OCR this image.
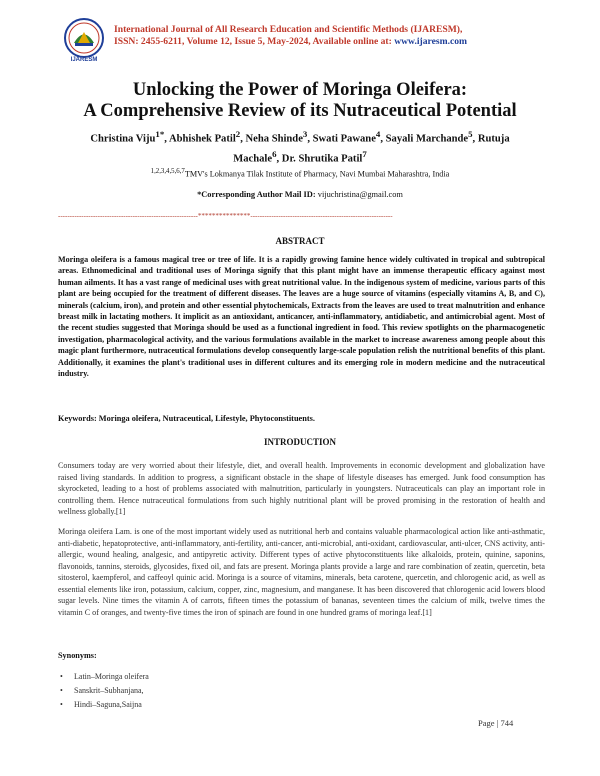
IJARESM
International Journal of All Research Education and Scientific Methods (IJARESM),
ISSN: 2455-6211, Volume 12, Issue 5, May-2024, Available online at: www.ijaresm.com
Unlocking the Power of Moringa Oleifera:
A Comprehensive Review of its Nutraceutical Potential
Christina Viju$^{1*}$, Abhishek Patil$^2$, Neha Shinde$^3$, Swati Pawane$^4$, Sayali Marchande$^5$, Rutuja Machale$^6$, Dr. Shrutika Patil$^7$
$^{1,2,3,4,5,6,7}$TMV's Lokmanya Tilak Institute of Pharmacy, Navi Mumbai Maharashtra, India
*Corresponding Author Mail ID: vijuchristina@gmail.com
------------------------------------------------------------***************-------------------------------------------------------------
ABSTRACT
Moringa oleifera is a famous magical tree or tree of life. It is a rapidly growing famine hence widely cultivated in tropical and subtropical areas. Ethnomedicinal and traditional uses of Moringa signify that this plant might have an immense therapeutic efficacy against most human ailments. It has a vast range of medicinal uses with great nutritional value. In the indigenous system of medicine, various parts of this plant are being occupied for the treatment of different diseases. The leaves are a huge source of vitamins (especially vitamins A, B, and C), minerals (calcium, iron), and protein and other essential phytochemicals, Extracts from the leaves are used to treat malnutrition and enhance breast milk in lactating mothers. It implicit as an antioxidant, anticancer, anti-inflammatory, antidiabetic, and antimicrobial agent. Most of the recent studies suggested that Moringa should be used as a functional ingredient in food. This review spotlights on the pharmacogenetic investigation, pharmacological activity, and the various formulations available in the market to increase awareness among people about this magic plant furthermore, nutraceutical formulations develop consequently large-scale population relish the nutritional benefits of this plant. Additionally, it examines the plant's traditional uses in different cultures and its emerging role in modern medicine and the nutraceutical industry.
Keywords: Moringa oleifera, Nutraceutical, Lifestyle, Phytoconstituents.
INTRODUCTION
Consumers today are very worried about their lifestyle, diet, and overall health. Improvements in economic development and globalization have raised living standards. In addition to progress, a significant obstacle in the shape of lifestyle diseases has emerged. Junk food consumption has skyrocketed, leading to a host of problems associated with malnutrition, particularly in youngsters. Nutraceuticals can play an important role in controlling them. Hence nutraceutical formulations from such highly nutritional plant will be proved promising in the restoration of health and wellness globally.[1]
Moringa oleifera Lam. is one of the most important widely used as nutritional herb and contains valuable pharmacological action like anti-asthmatic, anti-diabetic, hepatoprotective, anti-inflammatory, anti-fertility, anti-cancer, anti-microbial, anti-oxidant, cardiovascular, anti-ulcer, CNS activity, anti-allergic, wound healing, analgesic, and antipyretic activity. Different types of active phytoconstituents like alkaloids, protein, quinine, saponins, flavonoids, tannins, steroids, glycosides, fixed oil, and fats are present. Moringa plants provide a large and rare combination of zeatin, quercetin, beta sitosterol, kaempferol, and caffeoyl quinic acid. Moringa is a source of vitamins, minerals, beta carotene, quercetin, and chlorogenic acid, as well as essential elements like iron, potassium, calcium, copper, zinc, magnesium, and manganese. It has been discovered that chlorogenic acid lowers blood sugar levels. Nine times the vitamin A of carrots, fifteen times the potassium of bananas, seventeen times the calcium of milk, twelve times the vitamin C of oranges, and twenty-five times the iron of spinach are found in one hundred grams of moringa leaf.[1]
Synonyms:
• Latin–Moringa oleifera
• Sanskrit–Subhanjana,
• Hindi–Saguna,Saijna
Page | 744
